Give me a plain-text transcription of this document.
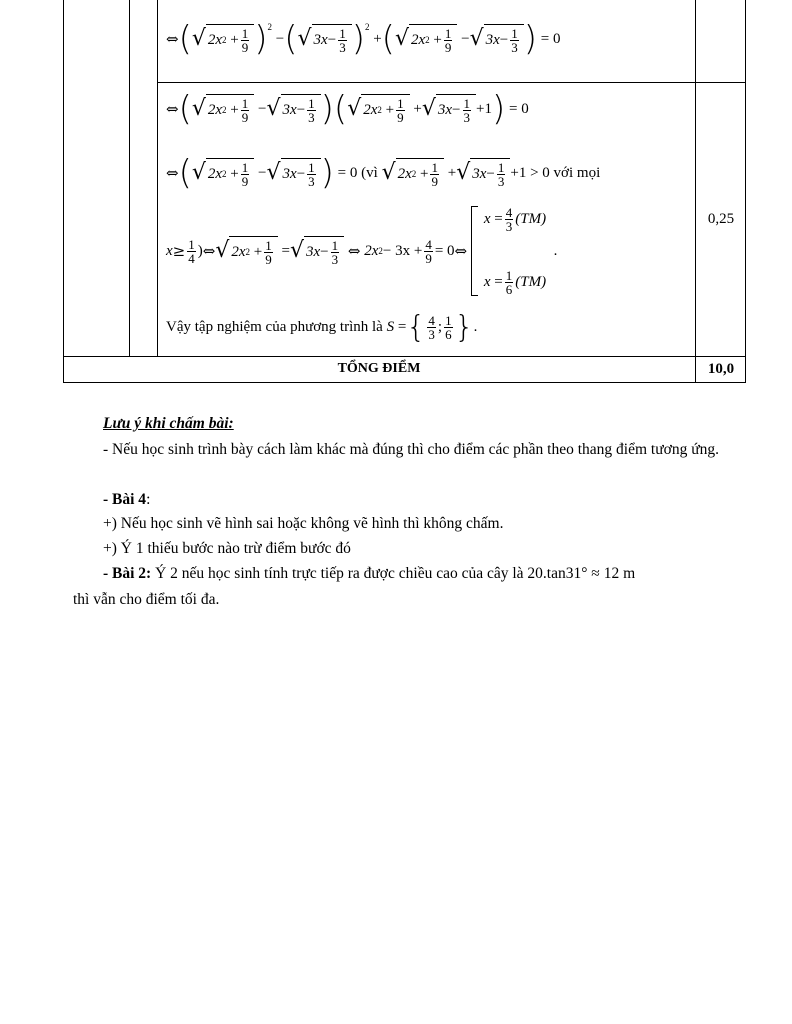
⇔ ( √ 2x 2
+ $\frac{1}{9}$ ) 2

− ( √ $3x - \frac{1}{3}$ ) 2

+ ( √ 2x 2
+ $\frac{1}{9}$
− √ $3x - \frac{1}{3}$ )
= 0
⇔ ( √ 2x 2
+ $\frac{1}{9}$
− √ $3x - \frac{1}{3}$ ) ( √ 2x 2
+ $\frac{1}{9}$
+ √ $3x - \frac{1}{3} +1$ )
= 0
⇔ ( √ 2x 2
+ $\frac{1}{9}$
− √ $3x - \frac{1}{3}$ )
= 0
(vì
√ 2x 2
+ $\frac{1}{9}$
+ √ $3x - \frac{1}{3} +1$
> 0 với mọi
0,25
$x \ge \frac{1}{4}$ ) ⇔ √ 2x 2
+ $\frac{1}{9}$
= √ $3x - \frac{1}{3}$
⇔
2x $2 - 3x + \frac{4}{9} = 0$ ⇔

x
= $\frac{4}{3} (TM)$
x
= $\frac{1}{6} (TM)$

.
Vậy tập nghiệm của phương trình là
S
= { $\frac{4}{3}$ ; $\frac{1}{6}$ } .
TỔNG ĐIỂM	10,0
Lưu ý khi chấm bài:
- Nếu học sinh trình bày cách làm khác mà đúng thì cho điểm các phần theo thang điểm tương ứng.
- Bài 4:
+) Nếu học sinh vẽ hình sai hoặc không vẽ hình thì không chấm.
+) Ý 1 thiếu bước nào trừ điểm bước đó
- Bài 2: Ý 2 nếu học sinh tính trực tiếp ra được chiều cao của cây là 20.tan31° ≈ 12 m
thì vẫn cho điểm tối đa.
